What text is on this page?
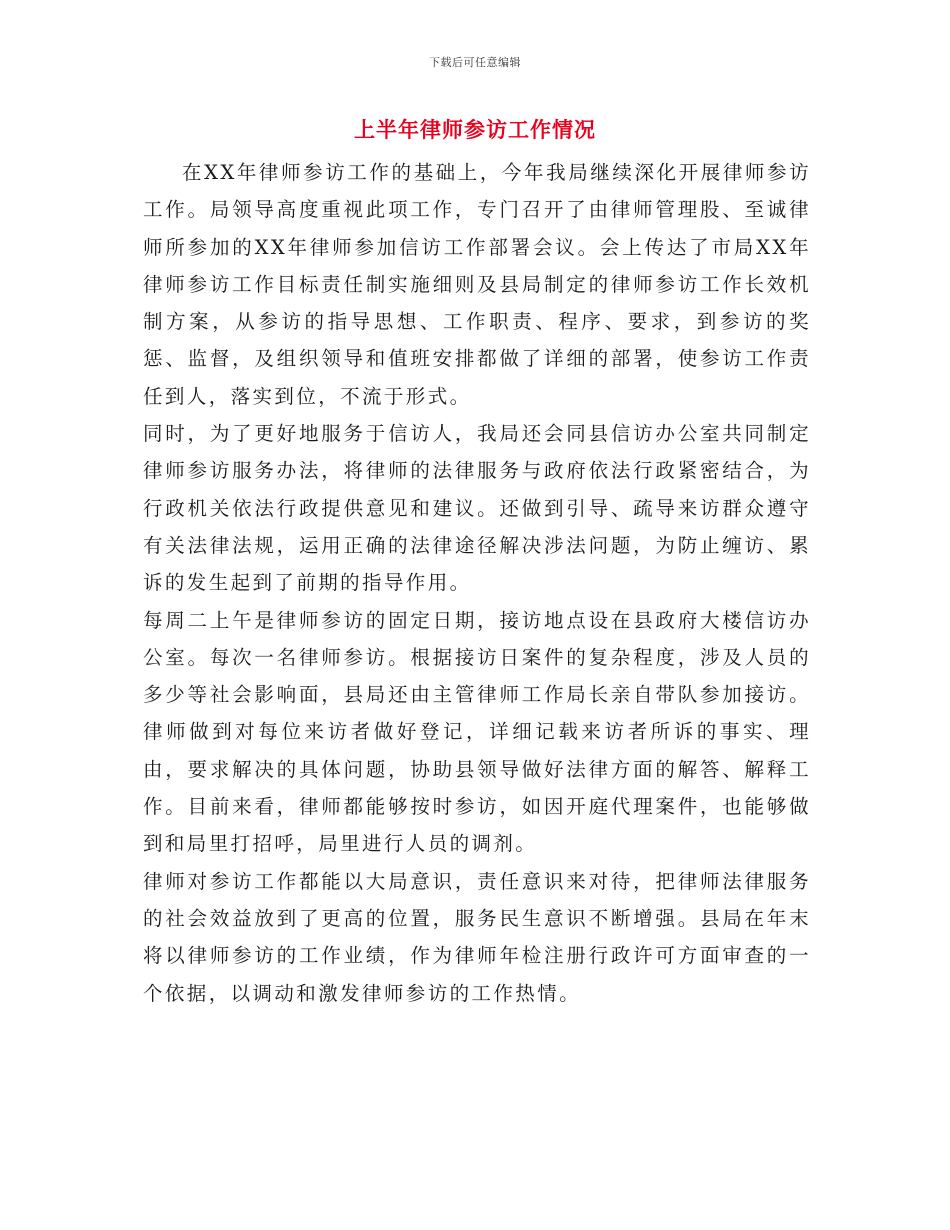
下载后可任意编辑
上半年律师参访工作情况

在XX年律师参访工作的基础上，今年我局继续深化开展律师参访工作。局领导高度重视此项工作，专门召开了由律师管理股、至诚律师所参加的XX年律师参加信访工作部署会议。会上传达了市局XX年律师参访工作目标责任制实施细则及县局制定的律师参访工作长效机制方案，从参访的指导思想、工作职责、程序、要求，到参访的奖惩、监督，及组织领导和值班安排都做了详细的部署，使参访工作责任到人，落实到位，不流于形式。

同时，为了更好地服务于信访人，我局还会同县信访办公室共同制定律师参访服务办法，将律师的法律服务与政府依法行政紧密结合，为行政机关依法行政提供意见和建议。还做到引导、疏导来访群众遵守有关法律法规，运用正确的法律途径解决涉法问题，为防止缠访、累诉的发生起到了前期的指导作用。

每周二上午是律师参访的固定日期，接访地点设在县政府大楼信访办公室。每次一名律师参访。根据接访日案件的复杂程度，涉及人员的多少等社会影响面，县局还由主管律师工作局长亲自带队参加接访。律师做到对每位来访者做好登记，详细记载来访者所诉的事实、理由，要求解决的具体问题，协助县领导做好法律方面的解答、解释工作。目前来看，律师都能够按时参访，如因开庭代理案件，也能够做到和局里打招呼，局里进行人员的调剂。

律师对参访工作都能以大局意识，责任意识来对待，把律师法律服务的社会效益放到了更高的位置，服务民生意识不断增强。县局在年末将以律师参访的工作业绩，作为律师年检注册行政许可方面审查的一个依据，以调动和激发律师参访的工作热情。
